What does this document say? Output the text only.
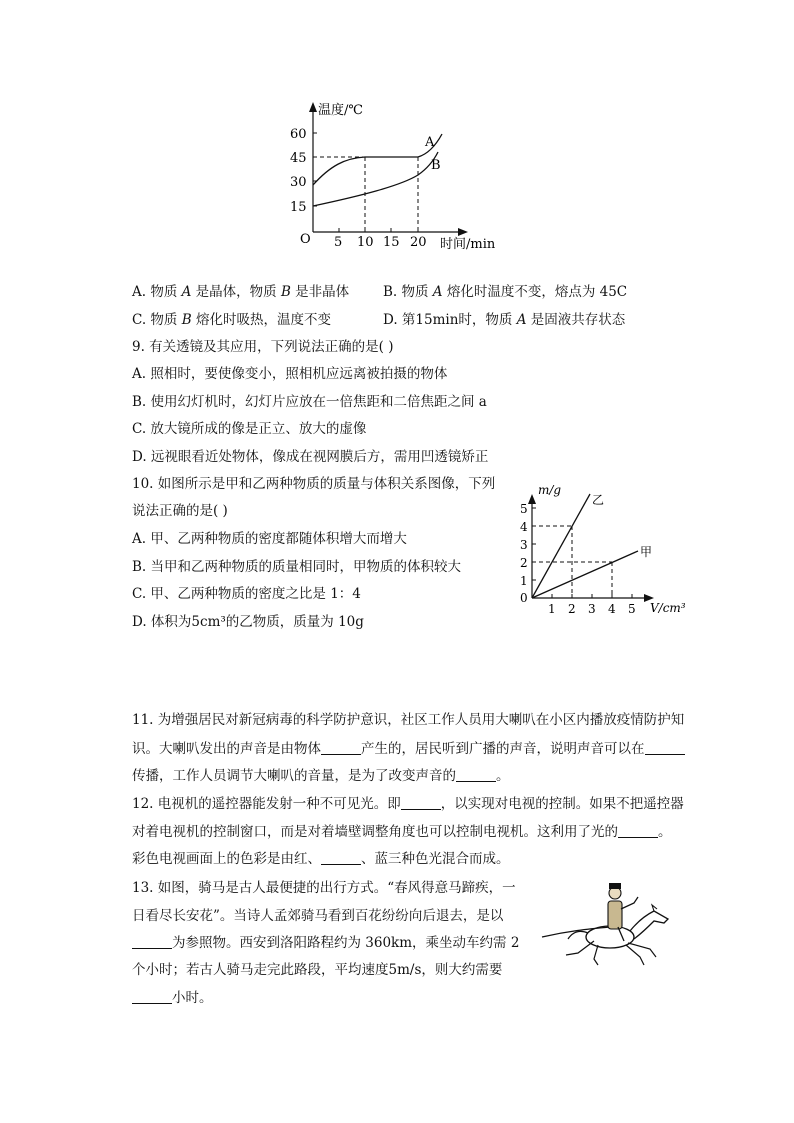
温度/℃
60
45
30
15
O 5 10 15 20 时间/min
A
B
A. 物质 A 是晶体，物质 B 是非晶体	B. 物质 A 熔化时温度不变，熔点为 45C
C. 物质 B 熔化时吸热，温度不变	D. 第15min时，物质 A 是固液共存状态
9. 有关透镜及其应用，下列说法正确的是( )
A. 照相时，要使像变小，照相机应远离被拍摄的物体
B. 使用幻灯机时，幻灯片应放在一倍焦距和二倍焦距之间 a
C. 放大镜所成的像是正立、放大的虚像
D. 远视眼看近处物体，像成在视网膜后方，需用凹透镜矫正
10. 如图所示是甲和乙两种物质的质量与体积关系图像，下列
说法正确的是( )
A. 甲、乙两种物质的密度都随体积增大而增大
B. 当甲和乙两种物质的质量相同时，甲物质的体积较大
C. 甲、乙两种物质的密度之比是 1：4
D. 体积为5cm³的乙物质，质量为 10g
m/g
5
4
3
2
1
0
1 2 3 4 5 V/cm³
乙
甲
11. 为增强居民对新冠病毒的科学防护意识，社区工作人员用大喇叭在小区内播放疫情防护知
识。大喇叭发出的声音是由物体	产生的，居民听到广播的声音，说明声音可以在
传播，工作人员调节大喇叭的音量，是为了改变声音的	。
12. 电视机的遥控器能发射一种不可见光。即	，以实现对电视的控制。如果不把遥控器
对着电视机的控制窗口，而是对着墙壁调整角度也可以控制电视机。这利用了光的	。
彩色电视画面上的色彩是由红、	、蓝三种色光混合而成。
13. 如图，骑马是古人最便捷的出行方式。“春风得意马蹄疾，一
日看尽长安花”。当诗人孟郊骑马看到百花纷纷向后退去，是以
为参照物。西安到洛阳路程约为 360km，乘坐动车约需 2
个小时；若古人骑马走完此路段，平均速度5m/s，则大约需要
小时。
